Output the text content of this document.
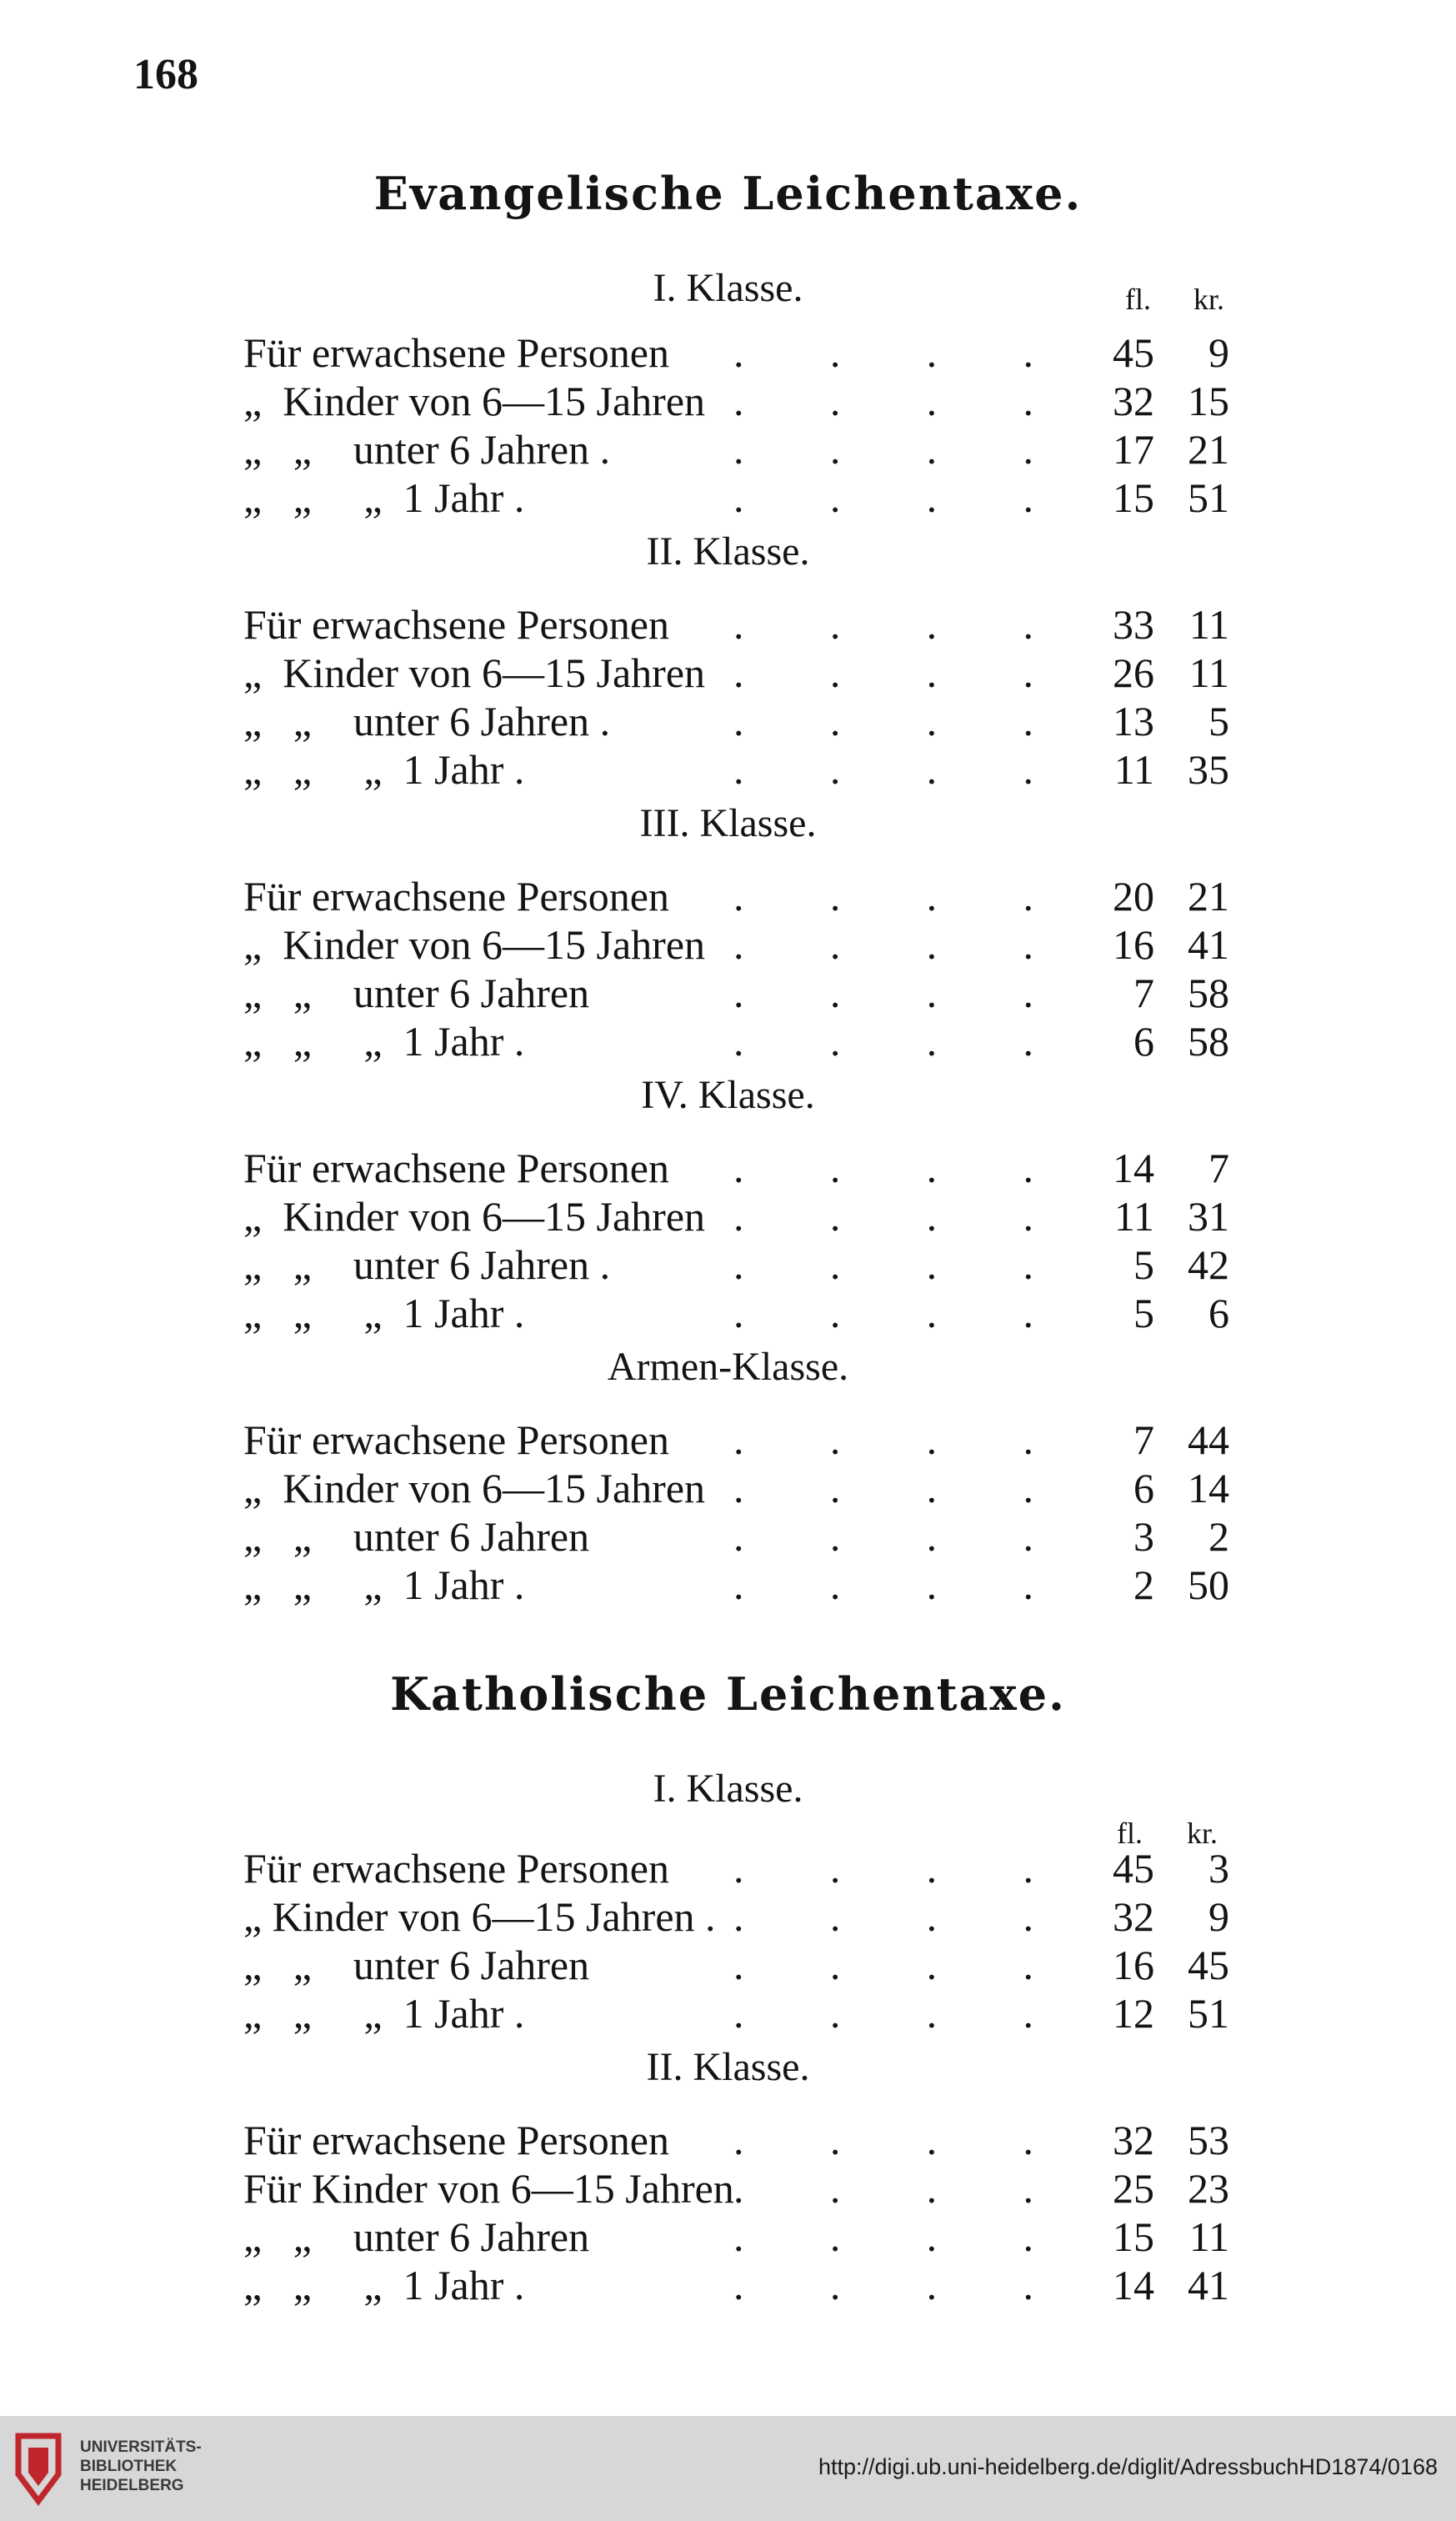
168
Evangelische Leichentaxe.
I. Klasse.	fl. kr.
Für erwachsene Personen . . . .	45	9
„  Kinder von 6—15 Jahren . . . .	32 15
„   „    unter 6 Jahren .	. . . .	17 21
„   „     „  1 Jahr .	. . . .	15 51
II. Klasse.
Für erwachsene Personen . . . .	33 11
„  Kinder von 6—15 Jahren . . . .	26 11
„   „    unter 6 Jahren .	. . . .	13	5
„   „     „  1 Jahr .	. . . .	11 35
III. Klasse.
Für erwachsene Personen . . . .	20 21
„  Kinder von 6—15 Jahren . . . .	16 41
„   „    unter 6 Jahren	. . . .	7 58
„   „     „  1 Jahr .	. . . .	6 58
IV. Klasse.
Für erwachsene Personen . . . .	14	7
„  Kinder von 6—15 Jahren . . . .	11 31
„   „    unter 6 Jahren .	. . . .	5 42
„   „     „  1 Jahr .	. . . .	5	6
Armen-Klasse.
Für erwachsene Personen . . . .	7 44
„  Kinder von 6—15 Jahren . . . .	6 14
„   „    unter 6 Jahren	. . . .	3	2
„   „     „  1 Jahr .	. . . .	2 50
Katholische Leichentaxe.
I. Klasse.
fl. kr.
Für erwachsene Personen . . . .	45	3
„ Kinder von 6—15 Jahren . . . . .	32	9
„   „    unter 6 Jahren	. . . .	16 45
„   „     „  1 Jahr .	. . . .	12 51
II. Klasse.
Für erwachsene Personen . . . .	32 53
Für Kinder von 6—15 Jahren . . . .	25 23
„   „    unter 6 Jahren	. . . .	15 11
„   „     „  1 Jahr .	. . . .	14 41
UNIVERSITÄTS-
BIBLIOTHEK
HEIDELBERG
http://digi.ub.uni-heidelberg.de/diglit/AdressbuchHD1874/0168
